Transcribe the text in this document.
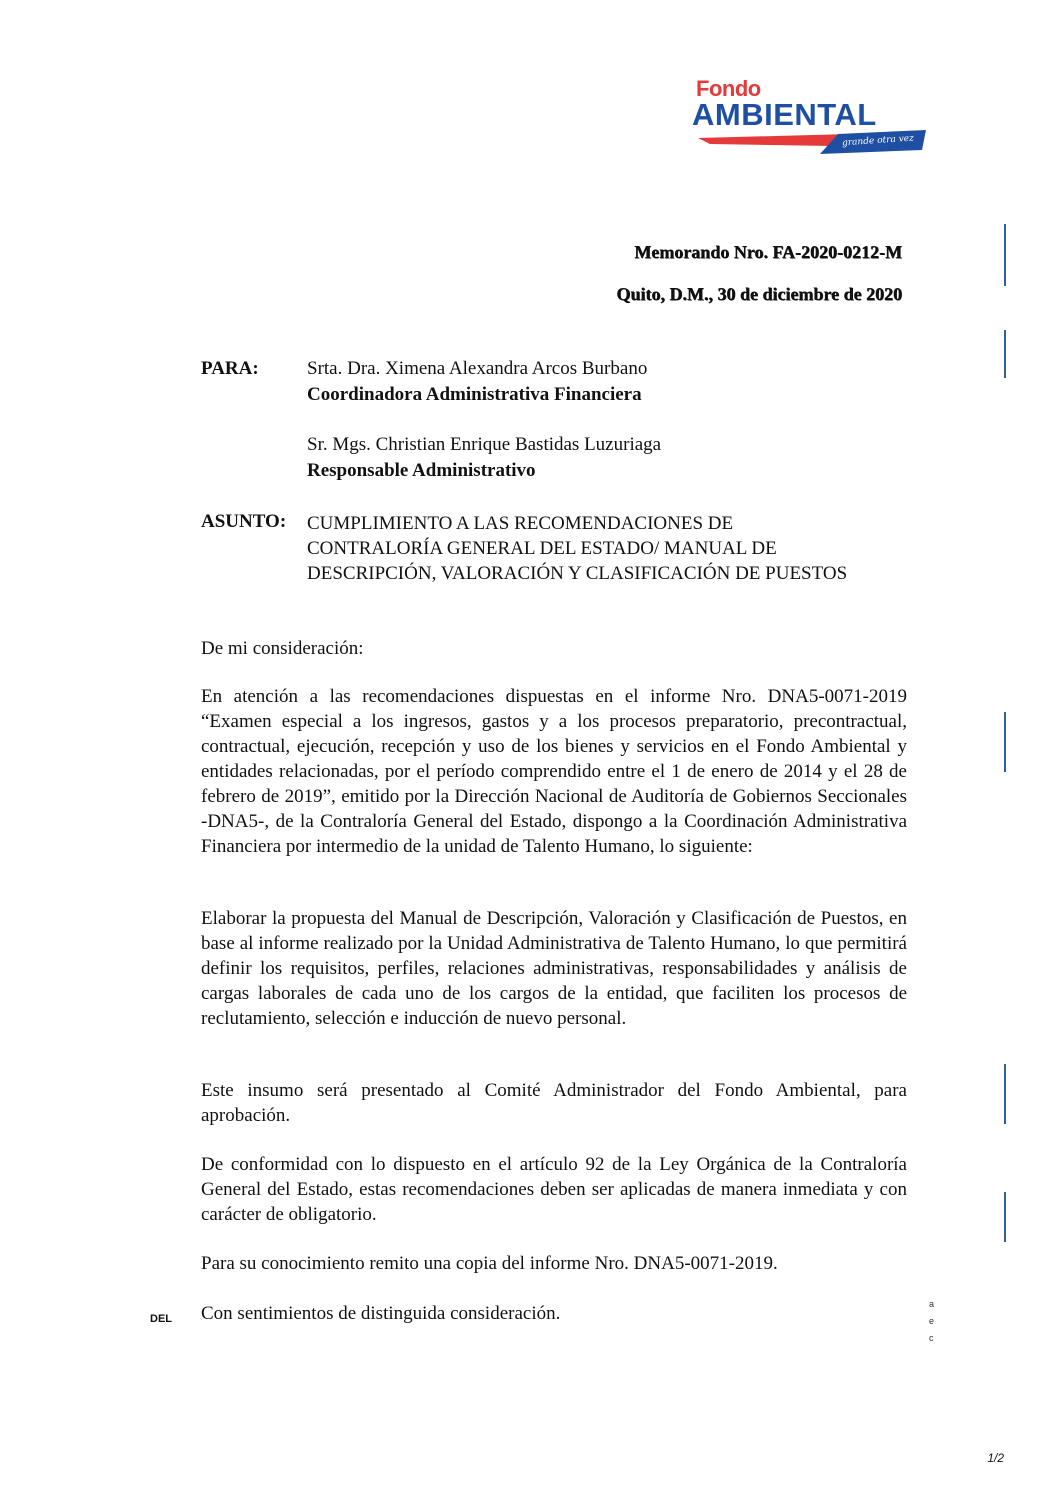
Fondo
AMBIENTAL
grande otra vez
Memorando Nro. FA-2020-0212-M
Quito, D.M., 30 de diciembre de 2020
PARA:	Srta. Dra. Ximena Alexandra Arcos Burbano
Coordinadora Administrativa Financiera
Sr. Mgs. Christian Enrique Bastidas Luzuriaga
Responsable Administrativo
ASUNTO: CUMPLIMIENTO A LAS RECOMENDACIONES DE
CONTRALORÍA GENERAL DEL ESTADO/ MANUAL DE
DESCRIPCIÓN, VALORACIÓN Y CLASIFICACIÓN DE PUESTOS

De mi consideración:

En atención a las recomendaciones dispuestas en el informe Nro. DNA5-0071-2019 “Examen especial a los ingresos, gastos y a los procesos preparatorio, precontractual, contractual, ejecución, recepción y uso de los bienes y servicios en el Fondo Ambiental y entidades relacionadas, por el período comprendido entre el 1 de enero de 2014 y el 28 de febrero de 2019”, emitido por la Dirección Nacional de Auditoría de Gobiernos Seccionales -DNA5-, de la Contraloría General del Estado, dispongo a la Coordinación Administrativa Financiera por intermedio de la unidad de Talento Humano, lo siguiente:

Elaborar la propuesta del Manual de Descripción, Valoración y Clasificación de Puestos, en base al informe realizado por la Unidad Administrativa de Talento Humano, lo que permitirá definir los requisitos, perfiles, relaciones administrativas, responsabilidades y análisis de cargas laborales de cada uno de los cargos de la entidad, que faciliten los procesos de reclutamiento, selección e inducción de nuevo personal.

Este insumo será presentado al Comité Administrador del Fondo Ambiental, para aprobación.

De conformidad con lo dispuesto en el artículo 92 de la Ley Orgánica de la Contraloría General del Estado, estas recomendaciones deben ser aplicadas de manera inmediata y con carácter de obligatorio.

Para su conocimiento remito una copia del informe Nro. DNA5-0071-2019.

Con sentimientos de distinguida consideración.

DEL
a
e
c
1/2
